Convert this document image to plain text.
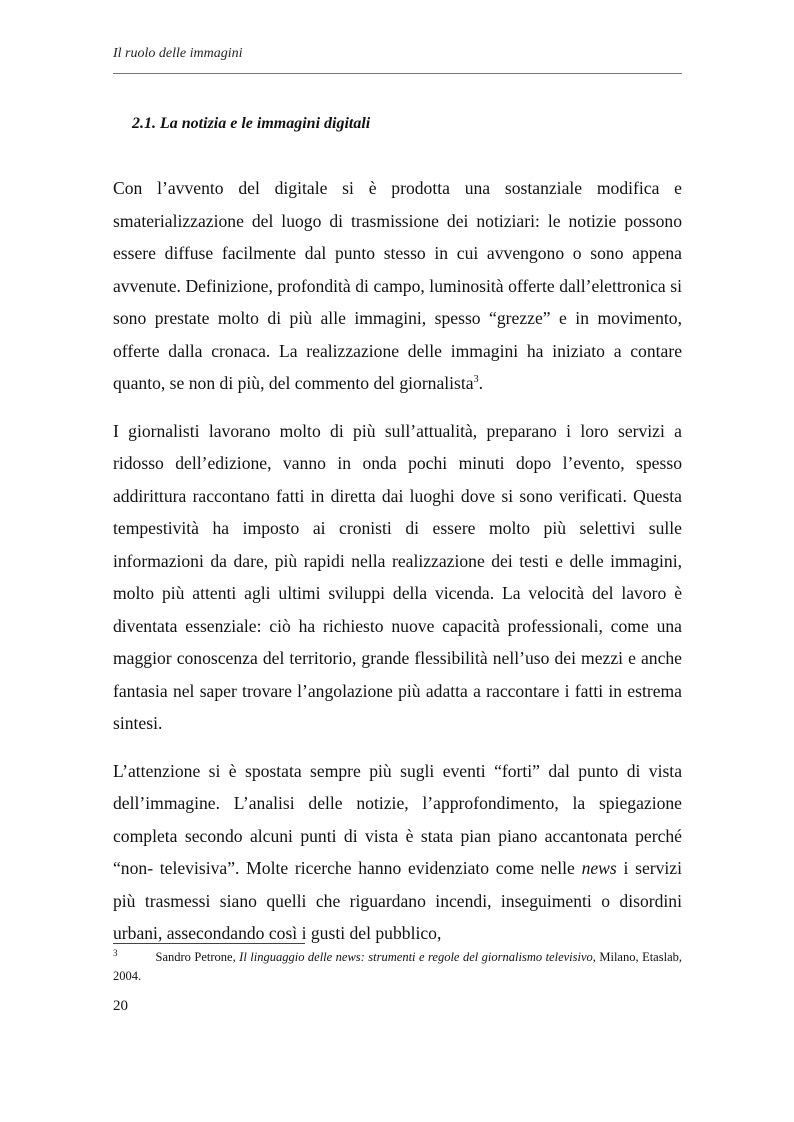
Il ruolo delle immagini
2.1. La notizia e le immagini digitali

Con l’avvento del digitale si è prodotta una sostanziale modifica e smaterializzazione del luogo di trasmissione dei notiziari: le notizie possono essere diffuse facilmente dal punto stesso in cui avvengono o sono appena avvenute. Definizione, profondità di campo, luminosità offerte dall’elettronica si sono prestate molto di più alle immagini, spesso “grezze” e in movimento, offerte dalla cronaca. La realizzazione delle immagini ha iniziato a contare quanto, se non di più, del commento del giornalista$^3$.

I giornalisti lavorano molto di più sull’attualità, preparano i loro servizi a ridosso dell’edizione, vanno in onda pochi minuti dopo l’evento, spesso addirittura raccontano fatti in diretta dai luoghi dove si sono verificati. Questa tempestività ha imposto ai cronisti di essere molto più selettivi sulle informazioni da dare, più rapidi nella realizzazione dei testi e delle immagini, molto più attenti agli ultimi sviluppi della vicenda. La velocità del lavoro è diventata essenziale: ciò ha richiesto nuove capacità professionali, come una maggior conoscenza del territorio, grande flessibilità nell’uso dei mezzi e anche fantasia nel saper trovare l’angolazione più adatta a raccontare i fatti in estrema sintesi.

L’attenzione si è spostata sempre più sugli eventi “forti” dal punto di vista dell’immagine. L’analisi delle notizie, l’approfondimento, la spiegazione completa secondo alcuni punti di vista è stata pian piano accantonata perché “non- televisiva”. Molte ricerche hanno evidenziato come nelle news i servizi più trasmessi siano quelli che riguardano incendi, inseguimenti o disordini urbani, assecondando così i gusti del pubblico,

$^3$	Sandro Petrone, Il linguaggio delle news: strumenti e regole del giornalismo televisivo, Milano, Etaslab, 2004.
20
